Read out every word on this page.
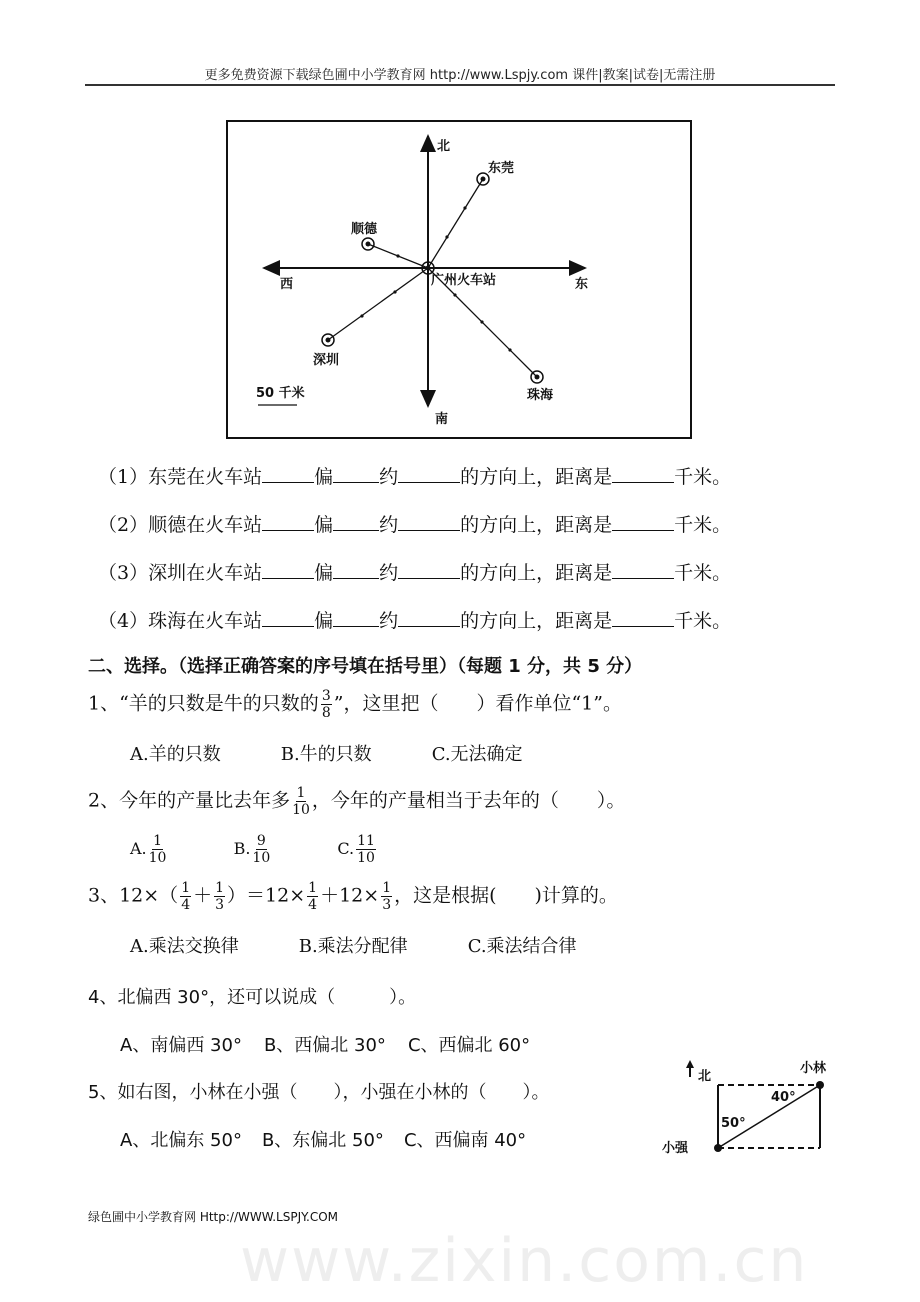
更多免费资源下载绿色圃中小学教育网 http://www.Lspjy.com 课件|教案|试卷|无需注册
www.zixin.com.cn
北
南
西	东
广州火车站
东莞
顺德
深圳
珠海
50 千米
（1）东莞在火车站	偏 约	的方向上，距离是	千米。
（2）顺德在火车站	偏 约	的方向上，距离是	千米。
（3）深圳在火车站	偏 约	的方向上，距离是	千米。
（4）珠海在火车站	偏 约	的方向上，距离是	千米。
二、选择。（选择正确答案的序号填在括号里）（每题 1 分，共 5 分）
1、“羊的只数是牛的只数的 $\frac{3}{8}$ ”，这里把（　　）看作单位“1”。
A.羊的只数	B.牛的只数	C.无法确定
2、今年的产量比去年多 $\frac{1}{10}$ ，今年的产量相当于去年的（　　）。
A. $\frac{1}{10}$	B. $\frac{9}{10}$	C. $\frac{11}{10}$
3、$12\times( \frac{1}{4} + \frac{1}{3} )=12\times \frac{1}{4} +12\times \frac{1}{3}$ ，这是根据(　　)计算的。
A.乘法交换律	B.乘法分配律	C.乘法结合律
4、北偏西 30°，还可以说成（　　　）。
A、南偏西 30° B、西偏北 30° C、西偏北 60°
5、如右图，小林在小强（　　），小强在小林的（　　）。
A、北偏东 50° B、东偏北 50° C、西偏南 40°
北
小林
小强
50°
40°
绿色圃中小学教育网 Http://WWW.LSPJY.COM
